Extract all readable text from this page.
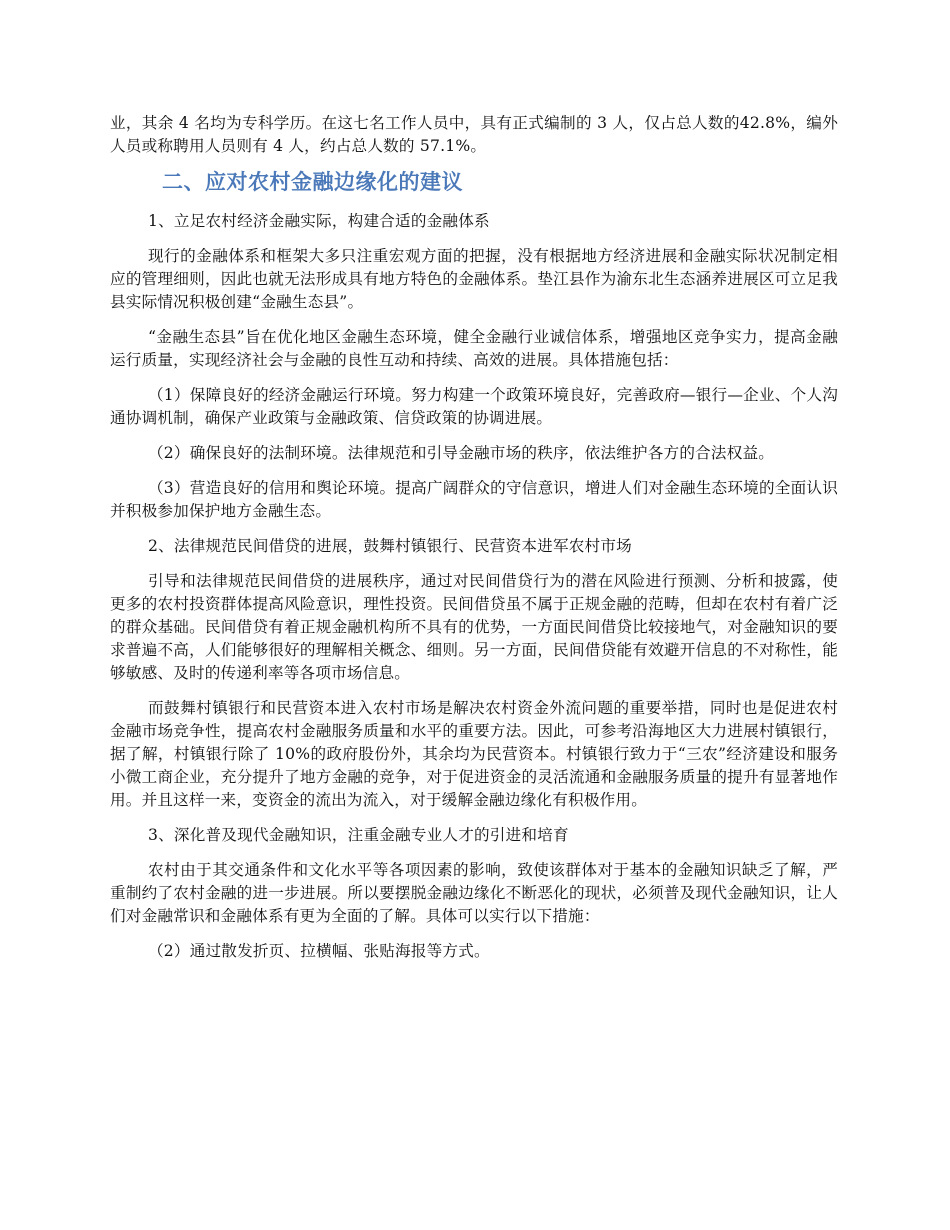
业，其余 4 名均为专科学历。在这七名工作人员中，具有正式编制的 3 人，仅占总人数的42.8%，编外人员或称聘用人员则有 4 人，约占总人数的 57.1%。

二、应对农村金融边缘化的建议

1、立足农村经济金融实际，构建合适的金融体系

现行的金融体系和框架大多只注重宏观方面的把握，没有根据地方经济进展和金融实际状况制定相应的管理细则，因此也就无法形成具有地方特色的金融体系。垫江县作为渝东北生态涵养进展区可立足我县实际情况积极创建“金融生态县”。

“金融生态县”旨在优化地区金融生态环境，健全金融行业诚信体系，增强地区竞争实力，提高金融运行质量，实现经济社会与金融的良性互动和持续、高效的进展。具体措施包括：

（1）保障良好的经济金融运行环境。努力构建一个政策环境良好，完善政府—银行—企业、个人沟通协调机制，确保产业政策与金融政策、信贷政策的协调进展。

（2）确保良好的法制环境。法律规范和引导金融市场的秩序，依法维护各方的合法权益。

（3）营造良好的信用和舆论环境。提高广阔群众的守信意识，增进人们对金融生态环境的全面认识并积极参加保护地方金融生态。

2、法律规范民间借贷的进展，鼓舞村镇银行、民营资本进军农村市场

引导和法律规范民间借贷的进展秩序，通过对民间借贷行为的潜在风险进行预测、分析和披露，使更多的农村投资群体提高风险意识，理性投资。民间借贷虽不属于正规金融的范畴，但却在农村有着广泛的群众基础。民间借贷有着正规金融机构所不具有的优势，一方面民间借贷比较接地气，对金融知识的要求普遍不高，人们能够很好的理解相关概念、细则。另一方面，民间借贷能有效避开信息的不对称性，能够敏感、及时的传递利率等各项市场信息。

而鼓舞村镇银行和民营资本进入农村市场是解决农村资金外流问题的重要举措，同时也是促进农村金融市场竞争性，提高农村金融服务质量和水平的重要方法。因此，可参考沿海地区大力进展村镇银行，据了解，村镇银行除了 10%的政府股份外，其余均为民营资本。村镇银行致力于“三农”经济建设和服务小微工商企业，充分提升了地方金融的竞争，对于促进资金的灵活流通和金融服务质量的提升有显著地作用。并且这样一来，变资金的流出为流入，对于缓解金融边缘化有积极作用。

3、深化普及现代金融知识，注重金融专业人才的引进和培育

农村由于其交通条件和文化水平等各项因素的影响，致使该群体对于基本的金融知识缺乏了解，严重制约了农村金融的进一步进展。所以要摆脱金融边缘化不断恶化的现状，必须普及现代金融知识，让人们对金融常识和金融体系有更为全面的了解。具体可以实行以下措施：

（2）通过散发折页、拉横幅、张贴海报等方式。
